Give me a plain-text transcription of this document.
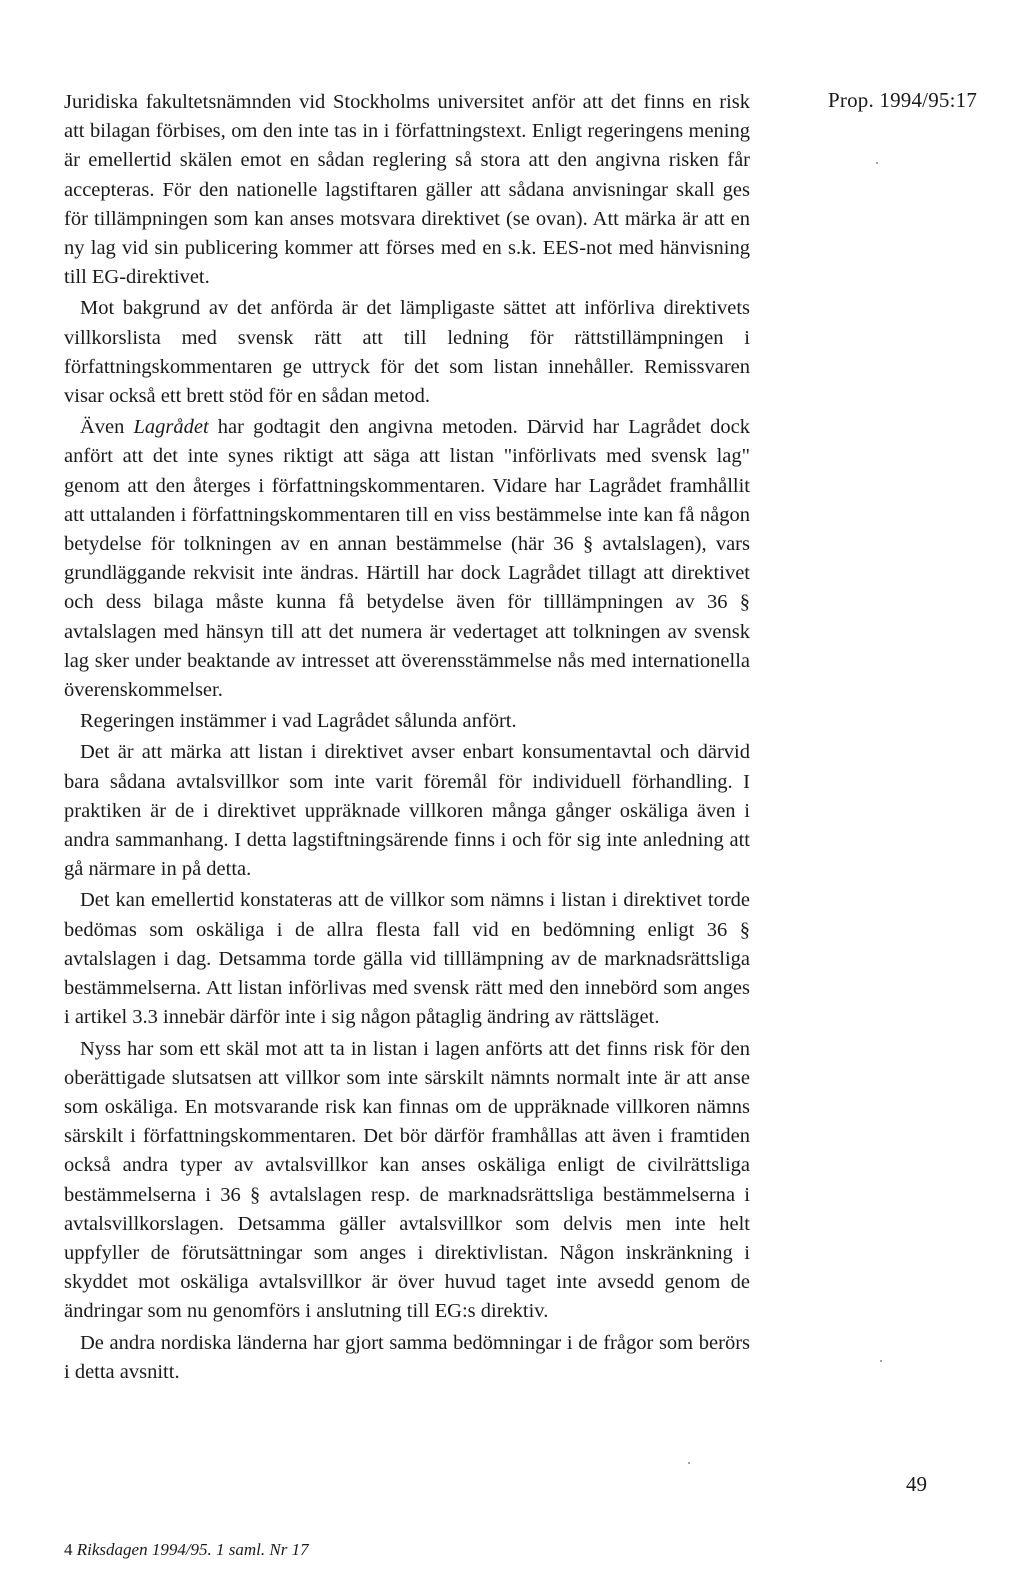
Prop. 1994/95:17

Juridiska fakultetsnämnden vid Stockholms universitet anför att det finns en risk att bilagan förbises, om den inte tas in i författningstext. Enligt regeringens mening är emellertid skälen emot en sådan reglering så stora att den angivna risken får accepteras. För den nationelle lagstiftaren gäller att sådana anvisningar skall ges för tillämpningen som kan anses motsvara direktivet (se ovan). Att märka är att en ny lag vid sin publicering kommer att förses med en s.k. EES-not med hänvisning till EG-direktivet.

Mot bakgrund av det anförda är det lämpligaste sättet att införliva direktivets villkorslista med svensk rätt att till ledning för rättstillämpningen i författningskommentaren ge uttryck för det som listan innehåller. Remissvaren visar också ett brett stöd för en sådan metod.

Även Lagrådet har godtagit den angivna metoden. Därvid har Lagrådet dock anfört att det inte synes riktigt att säga att listan "införlivats med svensk lag" genom att den återges i författningskommentaren. Vidare har Lagrådet framhållit att uttalanden i författningskommentaren till en viss bestämmelse inte kan få någon betydelse för tolkningen av en annan bestämmelse (här 36 § avtalslagen), vars grundläggande rekvisit inte ändras. Härtill har dock Lagrådet tillagt att direktivet och dess bilaga måste kunna få betydelse även för tilllämpningen av 36 § avtalslagen med hänsyn till att det numera är vedertaget att tolkningen av svensk lag sker under beaktande av intresset att överensstämmelse nås med internationella överenskommelser.

Regeringen instämmer i vad Lagrådet sålunda anfört.

Det är att märka att listan i direktivet avser enbart konsumentavtal och därvid bara sådana avtalsvillkor som inte varit föremål för individuell förhandling. I praktiken är de i direktivet uppräknade villkoren många gånger oskäliga även i andra sammanhang. I detta lagstiftningsärende finns i och för sig inte anledning att gå närmare in på detta.

Det kan emellertid konstateras att de villkor som nämns i listan i direktivet torde bedömas som oskäliga i de allra flesta fall vid en bedömning enligt 36 § avtalslagen i dag. Detsamma torde gälla vid tilllämpning av de marknadsrättsliga bestämmelserna. Att listan införlivas med svensk rätt med den innebörd som anges i artikel 3.3 innebär därför inte i sig någon påtaglig ändring av rättsläget.

Nyss har som ett skäl mot att ta in listan i lagen anförts att det finns risk för den oberättigade slutsatsen att villkor som inte särskilt nämnts normalt inte är att anse som oskäliga. En motsvarande risk kan finnas om de uppräknade villkoren nämns särskilt i författningskommentaren. Det bör därför framhållas att även i framtiden också andra typer av avtalsvillkor kan anses oskäliga enligt de civilrättsliga bestämmelserna i 36 § avtalslagen resp. de marknadsrättsliga bestämmelserna i avtalsvillkorslagen. Detsamma gäller avtalsvillkor som delvis men inte helt uppfyller de förutsättningar som anges i direktivlistan. Någon inskränkning i skyddet mot oskäliga avtalsvillkor är över huvud taget inte avsedd genom de ändringar som nu genomförs i anslutning till EG:s direktiv.

De andra nordiska länderna har gjort samma bedömningar i de frågor som berörs i detta avsnitt.

49
4 Riksdagen 1994/95. 1 saml. Nr 17
